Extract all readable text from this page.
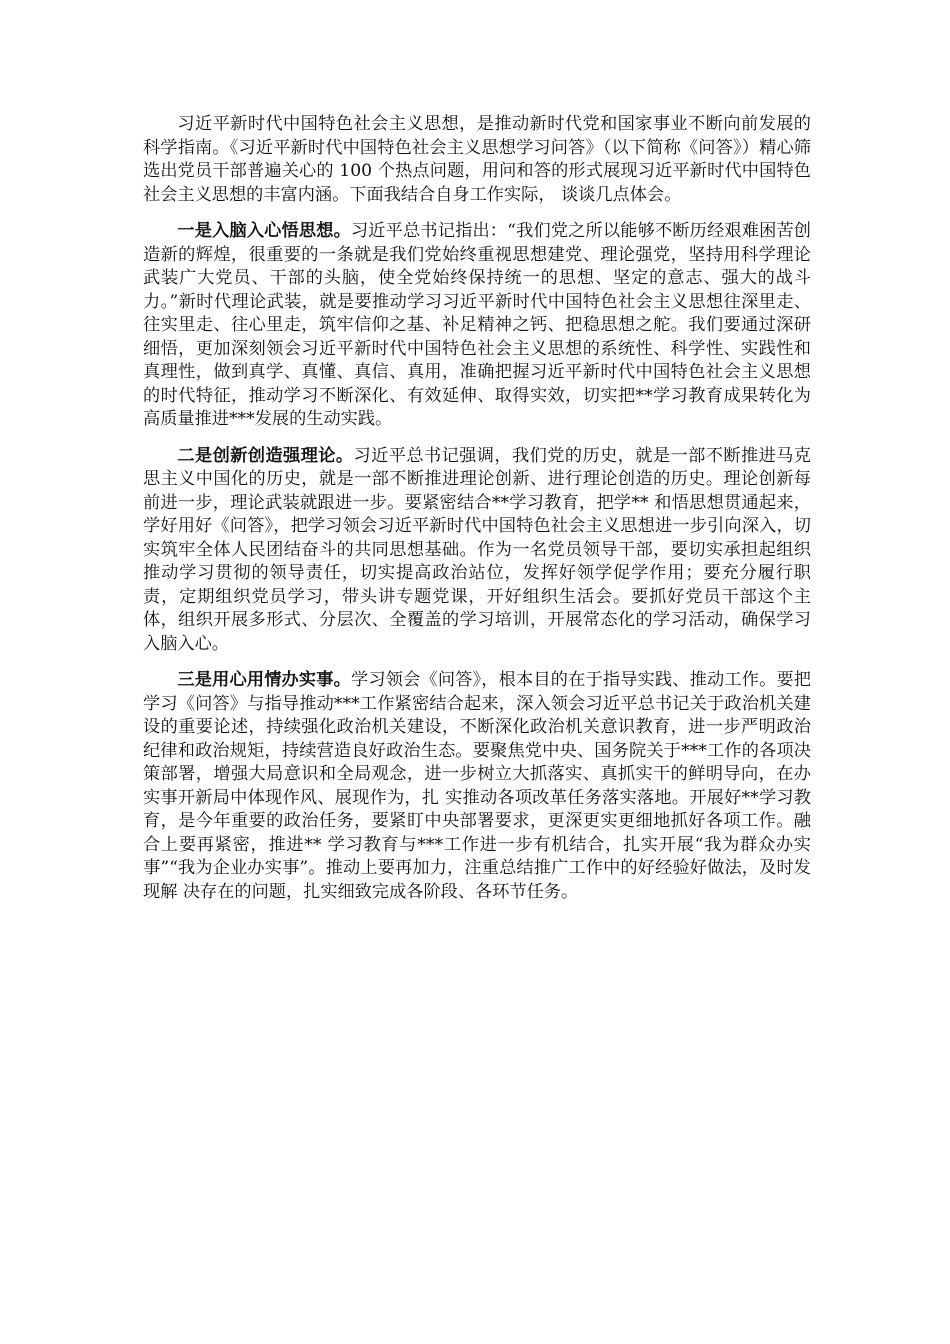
习近平新时代中国特色社会主义思想，是推动新时代党和国家事业不断向前发展的科学指南。《习近平新时代中国特色社会主义思想学习问答》（以下简称《问答》）精心筛选出党员干部普遍关心的 100 个热点问题，用问和答的形式展现习近平新时代中国特色社会主义思想的丰富内涵。下面我结合自身工作实际， 谈谈几点体会。

一是入脑入心悟思想。习近平总书记指出：“我们党之所以能够不断历经艰难困苦创造新的辉煌，很重要的一条就是我们党始终重视思想建党、理论强党，坚持用科学理论武装广大党员、干部的头脑，使全党始终保持统一的思想、坚定的意志、强大的战斗力。”新时代理论武装，就是要推动学习习近平新时代中国特色社会主义思想往深里走、往实里走、往心里走，筑牢信仰之基、补足精神之钙、把稳思想之舵。我们要通过深研细悟，更加深刻领会习近平新时代中国特色社会主义思想的系统性、科学性、实践性和真理性，做到真学、真懂、真信、真用，准确把握习近平新时代中国特色社会主义思想的时代特征，推动学习不断深化、有效延伸、取得实效，切实把**学习教育成果转化为高质量推进***发展的生动实践。

二是创新创造强理论。习近平总书记强调，我们党的历史，就是一部不断推进马克思主义中国化的历史，就是一部不断推进理论创新、进行理论创造的历史。理论创新每前进一步，理论武装就跟进一步。要紧密结合**学习教育，把学** 和悟思想贯通起来，学好用好《问答》，把学习领会习近平新时代中国特色社会主义思想进一步引向深入，切实筑牢全体人民团结奋斗的共同思想基础。作为一名党员领导干部，要切实承担起组织推动学习贯彻的领导责任，切实提高政治站位，发挥好领学促学作用；要充分履行职责，定期组织党员学习，带头讲专题党课，开好组织生活会。要抓好党员干部这个主体，组织开展多形式、分层次、全覆盖的学习培训，开展常态化的学习活动，确保学习入脑入心。

三是用心用情办实事。学习领会《问答》，根本目的在于指导实践、推动工作。要把学习《问答》与指导推动***工作紧密结合起来，深入领会习近平总书记关于政治机关建设的重要论述，持续强化政治机关建设，不断深化政治机关意识教育，进一步严明政治纪律和政治规矩，持续营造良好政治生态。要聚焦党中央、国务院关于***工作的各项决策部署，增强大局意识和全局观念，进一步树立大抓落实、真抓实干的鲜明导向，在办实事开新局中体现作风、展现作为，扎 实推动各项改革任务落实落地。开展好**学习教育，是今年重要的政治任务，要紧盯中央部署要求，更深更实更细地抓好各项工作。融合上要再紧密，推进** 学习教育与***工作进一步有机结合，扎实开展“我为群众办实事”“我为企业办实事”。推动上要再加力，注重总结推广工作中的好经验好做法，及时发现解 决存在的问题，扎实细致完成各阶段、各环节任务。
